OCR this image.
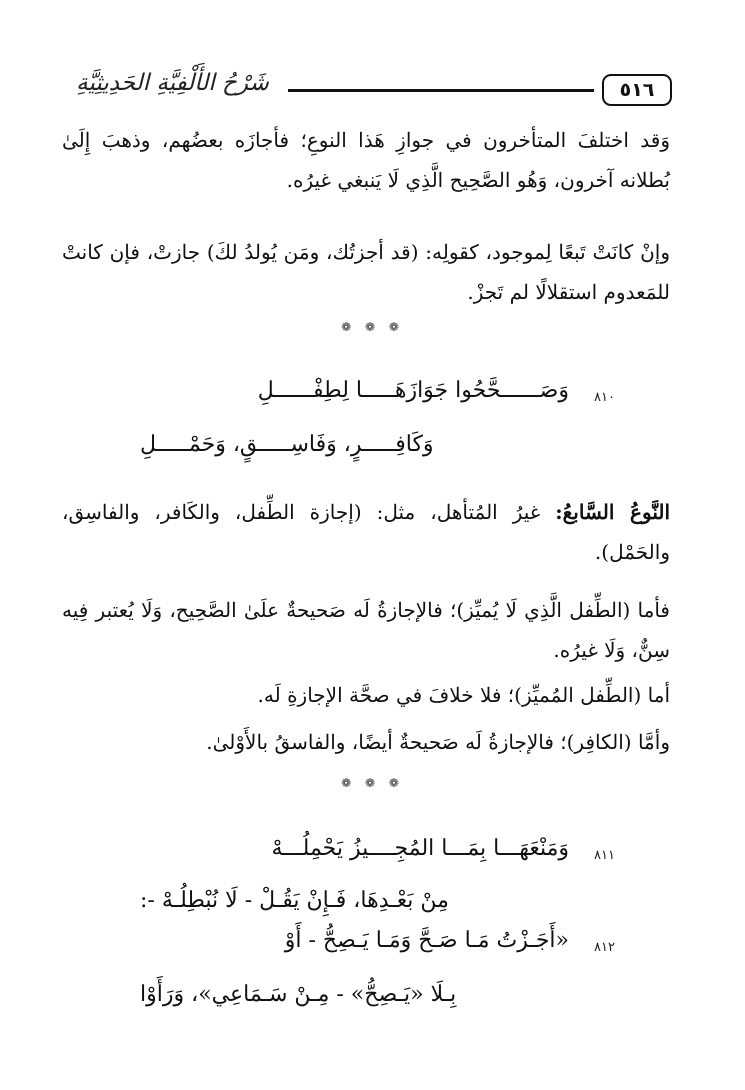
٥١٦
شَرْحُ الأَلْفِيَّةِ الحَدِيثِيَّةِ

وَقد اختلفَ المتأخرون في جوازِ هَذا النوعِ؛ فأجازَه بعضُهم، وذهبَ إِلَىٰ بُطلانه آخرون، وَهُو الصَّحِيح الَّذِي لَا يَنبغي غيرُه.

وإنْ كانَتْ تَبعًا لِموجود، كقولِه: (قد أجزتُك، ومَن يُولدُ لكَ) جازتْ، فإن كانتْ للمَعدوم استقلالًا لم تَجزْ.

❁ ❁ ❁
٨١٠
وَصَــــــحَّحُوا جَوَازَهَـــــا لِطِفْــــــلِ
وَكَافِـــــرٍ، وَفَاسِـــــقٍ، وَحَمْـــــلِ

النَّوعُ السَّابعُ: غيرُ المُتأهل، مثل: (إجازة الطِّفل، والكَافر، والفاسِق، والحَمْل).

فأما (الطِّفل الَّذِي لَا يُميِّز)؛ فالإجازةُ لَه صَحيحةٌ علَىٰ الصَّحِيح، وَلَا يُعتبر فِيه سِنٌّ، وَلَا غيرُه.

أما (الطِّفل المُميِّز)؛ فلا خلافَ في صحَّة الإجازةِ لَه.

وأمَّا (الكافِر)؛ فالإجازةُ لَه صَحيحةٌ أيضًا، والفاسقُ بالأَوْلىٰ.

❁ ❁ ❁
٨١١
وَمَنْعَهَـــا بِمَـــا المُجِــــيزُ يَحْمِلُـــهْ
مِنْ بَعْـدِهَا، فَـإِنْ يَقُـلْ - لَا نُبْطِلُـهْ -:
٨١٢
«أَجَـزْتُ مَـا صَـحَّ وَمَـا يَـصِحُّ - أَوْ
بِـلَا «يَـصِحُّ» - مِـنْ سَـمَاعِي»، وَرَأَوْا
